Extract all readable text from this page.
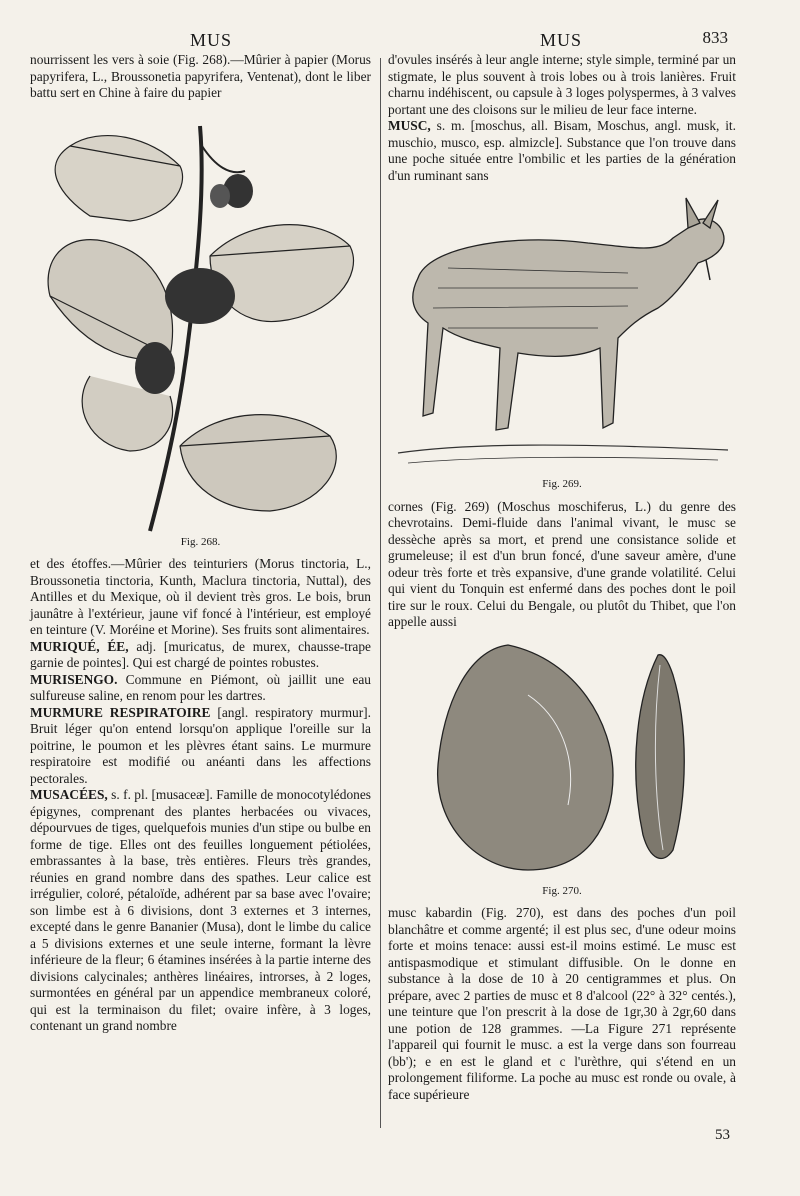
MUS	MUS	833

nourrissent les vers à soie (Fig. 268).—Mûrier à papier (Morus papyrifera, L., Broussonetia papyrifera, Ventenat), dont le liber battu sert en Chine à faire du papier

Fig. 268.

et des étoffes.—Mûrier des teinturiers (Morus tinctoria, L., Broussonetia tinctoria, Kunth, Maclura tinctoria, Nuttal), des Antilles et du Mexique, où il devient très gros. Le bois, brun jaunâtre à l'extérieur, jaune vif foncé à l'intérieur, est employé en teinture (V. Moréine et Morine). Ses fruits sont alimentaires.

MURIQUÉ, ÉE, adj. [muricatus, de murex, chausse-trape garnie de pointes]. Qui est chargé de pointes robustes.

MURISENGO. Commune en Piémont, où jaillit une eau sulfureuse saline, en renom pour les dartres.

MURMURE RESPIRATOIRE [angl. respiratory murmur]. Bruit léger qu'on entend lorsqu'on applique l'oreille sur la poitrine, le poumon et les plèvres étant sains. Le murmure respiratoire est modifié ou anéanti dans les affections pectorales.

MUSACÉES, s. f. pl. [musaceæ]. Famille de monocotylédones épigynes, comprenant des plantes herbacées ou vivaces, dépourvues de tiges, quelquefois munies d'un stipe ou bulbe en forme de tige. Elles ont des feuilles longuement pétiolées, embrassantes à la base, très entières. Fleurs très grandes, réunies en grand nombre dans des spathes. Leur calice est irrégulier, coloré, pétaloïde, adhérent par sa base avec l'ovaire; son limbe est à 6 divisions, dont 3 externes et 3 internes, excepté dans le genre Bananier (Musa), dont le limbe du calice a 5 divisions externes et une seule interne, formant la lèvre inférieure de la fleur; 6 étamines insérées à la partie interne des divisions calycinales; anthères linéaires, introrses, à 2 loges, surmontées en général par un appendice membraneux coloré, qui est la terminaison du filet; ovaire infère, à 3 loges, contenant un grand nombre

d'ovules insérés à leur angle interne; style simple, terminé par un stigmate, le plus souvent à trois lobes ou à trois lanières. Fruit charnu indéhiscent, ou capsule à 3 loges polyspermes, à 3 valves portant une des cloisons sur le milieu de leur face interne.

MUSC, s. m. [moschus, all. Bisam, Moschus, angl. musk, it. muschio, musco, esp. almizcle]. Substance que l'on trouve dans une poche située entre l'ombilic et les parties de la génération d'un ruminant sans

Fig. 269.

cornes (Fig. 269) (Moschus moschiferus, L.) du genre des chevrotains. Demi-fluide dans l'animal vivant, le musc se dessèche après sa mort, et prend une consistance solide et grumeleuse; il est d'un brun foncé, d'une saveur amère, d'une odeur très forte et très expansive, d'une grande volatilité. Celui qui vient du Tonquin est enfermé dans des poches dont le poil tire sur le roux. Celui du Bengale, ou plutôt du Thibet, que l'on appelle aussi

Fig. 270.

musc kabardin (Fig. 270), est dans des poches d'un poil blanchâtre et comme argenté; il est plus sec, d'une odeur moins forte et moins tenace: aussi est-il moins estimé. Le musc est antispasmodique et stimulant diffusible. On le donne en substance à la dose de 10 à 20 centigrammes et plus. On prépare, avec 2 parties de musc et 8 d'alcool (22° à 32° centés.), une teinture que l'on prescrit à la dose de 1gr,30 à 2gr,60 dans une potion de 128 grammes. —La Figure 271 représente l'appareil qui fournit le musc. a est la verge dans son fourreau (bb'); e en est le gland et c l'urèthre, qui s'étend en un prolongement filiforme. La poche au musc est ronde ou ovale, à face supérieure

53
